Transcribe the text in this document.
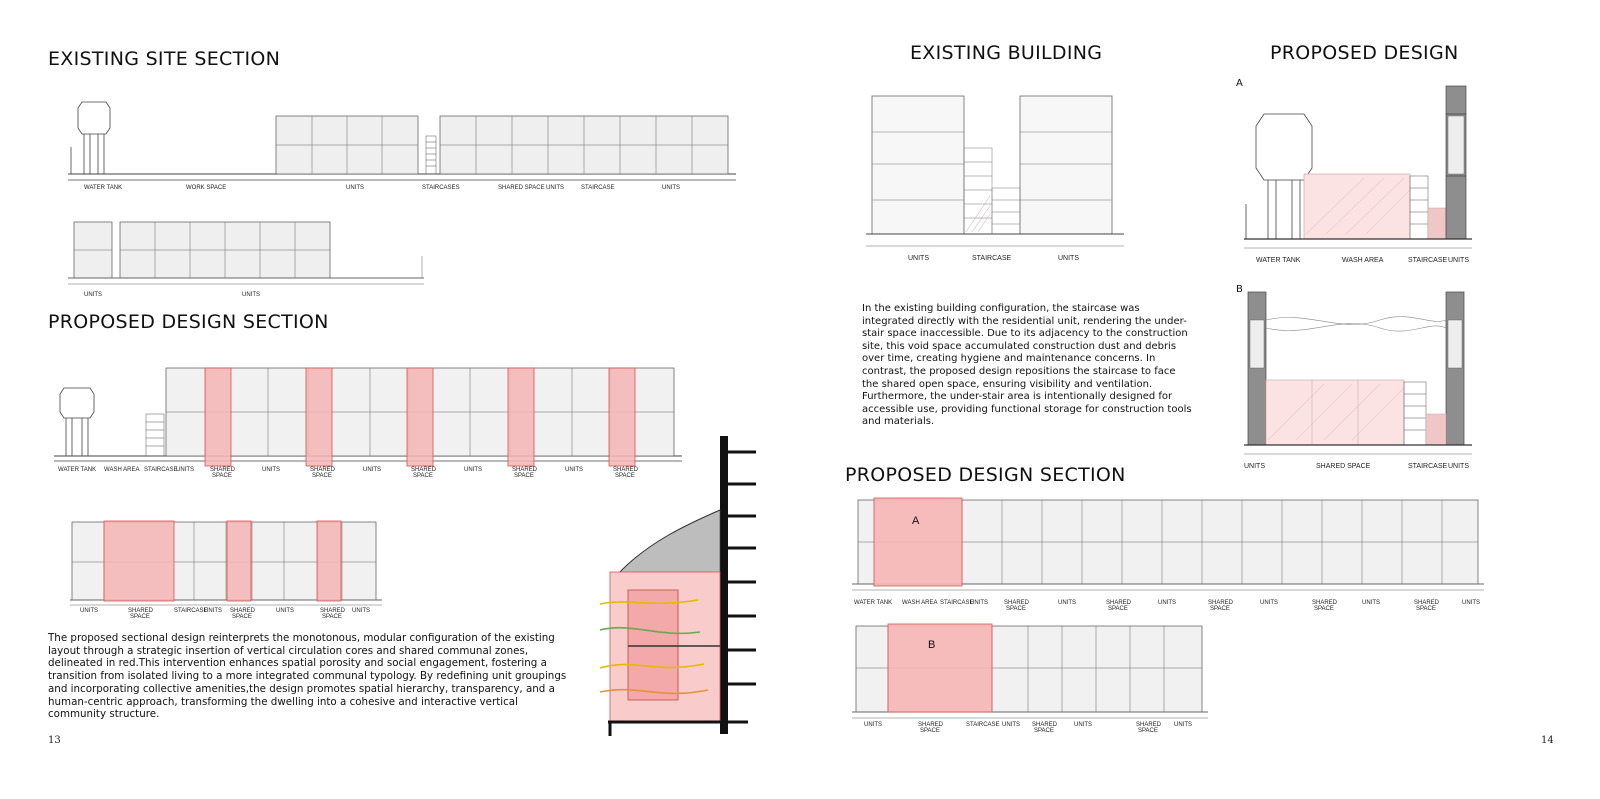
EXISTING SITE SECTION
WATER TANK	WORK SPACE	UNITS	STAIRCASES	SHARED SPACE UNITS	STAIRCASE	UNITS
UNITS	UNITS
PROPOSED DESIGN SECTION
WATER TANK WASH AREA STAIRCASE
UNITS	SHARED
SPACE
UNITS	SHARED
SPACE
UNITS	SHARED
SPACE
UNITS	SHARED
SPACE
UNITS	SHARED
SPACE
UNITS	SHARED
SPACE
STAIRCASE
UNITS SHARED
SPACE
UNITS	SHARED
SPACE
UNITS

The proposed sectional design reinterprets the monotonous, modular configuration of the existing layout through a strategic insertion of vertical circulation cores and shared communal zones, delineated in red.This intervention enhances spatial porosity and social engagement, fostering a transition from isolated living to a more integrated communal typology. By redefining unit groupings and incorporating collective amenities,the design promotes spatial hierarchy, transparency, and a human-centric approach, transforming the dwelling into a cohesive and interactive vertical community structure.

13
EXISTING BUILDING	PROPOSED DESIGN
UNITS	STAIRCASE	UNITS

In the existing building configuration, the staircase was integrated directly with the residential unit, rendering the under-stair space inaccessible. Due to its adjacency to the construction site, this void space accumulated construction dust and debris over time, creating hygiene and maintenance concerns. In contrast, the proposed design repositions the staircase to face the shared open space, ensuring visibility and ventilation. Furthermore, the under-stair area is intentionally designed for accessible use, providing functional storage for construction tools and materials.

A
WATER TANK	WASH AREA	STAIRCASE UNITS
B
UNITS	SHARED SPACE	STAIRCASE UNITS
PROPOSED DESIGN SECTION
A
WATER TANK WASH AREA STAIRCASE
UNITS	SHARED
SPACE
UNITS	SHARED
SPACE
UNITS	SHARED
SPACE
UNITS	SHARED
SPACE
UNITS	SHARED
SPACE
UNITS
B
UNITS	SHARED
SPACE
STAIRCASE UNITS SHARED
SPACE
UNITS	SHARED
SPACE
UNITS
14
